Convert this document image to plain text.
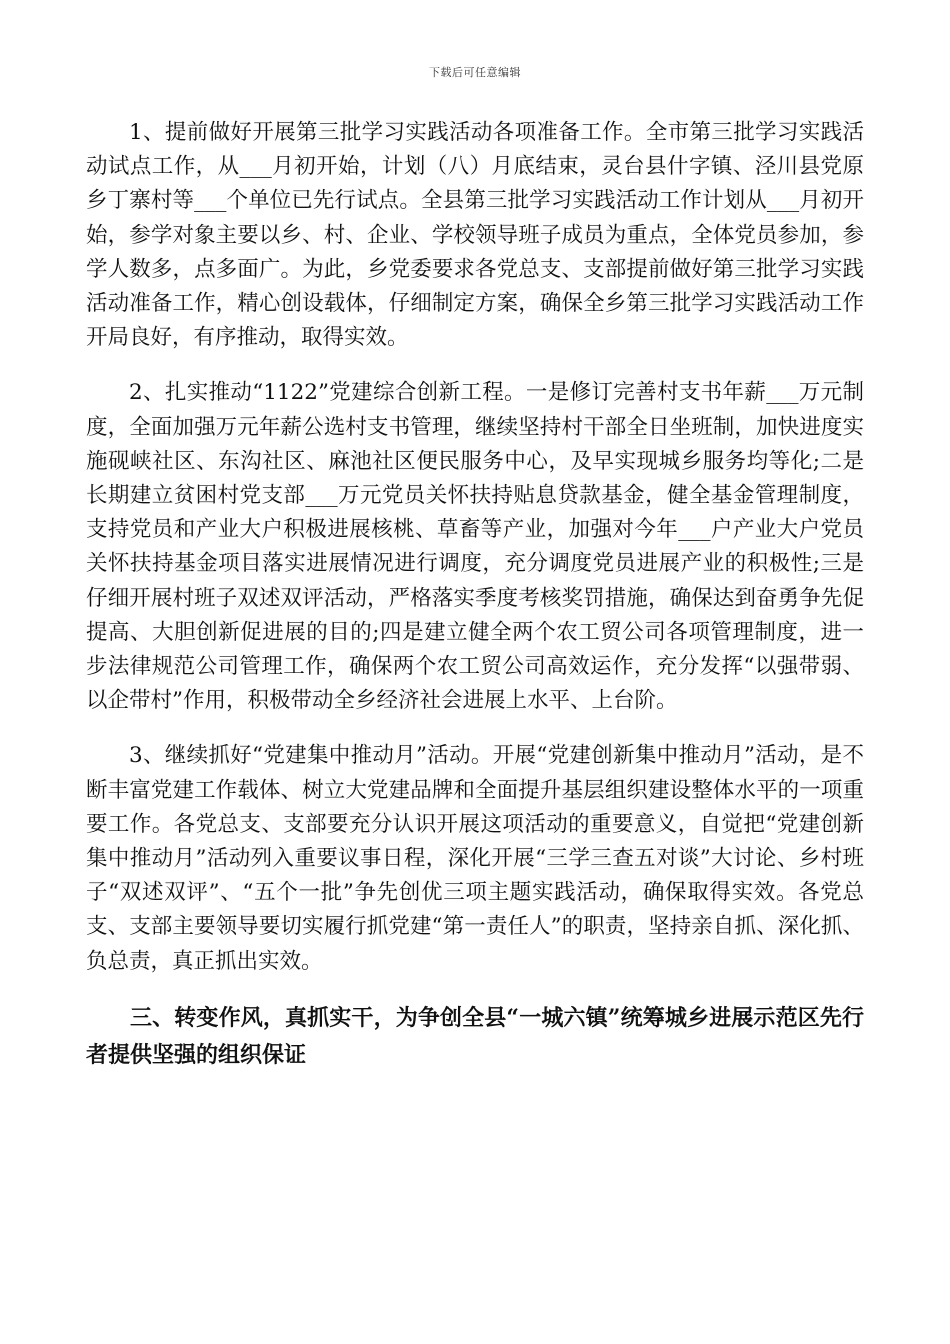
下载后可任意编辑

1、提前做好开展第三批学习实践活动各项准备工作。全市第三批学习实践活动试点工作，从___月初开始，计划（八）月底结束，灵台县什字镇、泾川县党原乡丁寨村等___个单位已先行试点。全县第三批学习实践活动工作计划从___月初开始，参学对象主要以乡、村、企业、学校领导班子成员为重点，全体党员参加，参学人数多，点多面广。为此，乡党委要求各党总支、支部提前做好第三批学习实践活动准备工作，精心创设载体，仔细制定方案，确保全乡第三批学习实践活动工作开局良好，有序推动，取得实效。

2、扎实推动“1122”党建综合创新工程。一是修订完善村支书年薪___万元制度，全面加强万元年薪公选村支书管理，继续坚持村干部全日坐班制，加快进度实施砚峡社区、东沟社区、麻池社区便民服务中心，及早实现城乡服务均等化;二是长期建立贫困村党支部___万元党员关怀扶持贴息贷款基金，健全基金管理制度，支持党员和产业大户积极进展核桃、草畜等产业，加强对今年___户产业大户党员关怀扶持基金项目落实进展情况进行调度，充分调度党员进展产业的积极性;三是仔细开展村班子双述双评活动，严格落实季度考核奖罚措施，确保达到奋勇争先促提高、大胆创新促进展的目的;四是建立健全两个农工贸公司各项管理制度，进一步法律规范公司管理工作，确保两个农工贸公司高效运作，充分发挥“以强带弱、以企带村”作用，积极带动全乡经济社会进展上水平、上台阶。

3、继续抓好“党建集中推动月”活动。开展“党建创新集中推动月”活动，是不断丰富党建工作载体、树立大党建品牌和全面提升基层组织建设整体水平的一项重要工作。各党总支、支部要充分认识开展这项活动的重要意义，自觉把“党建创新集中推动月”活动列入重要议事日程，深化开展“三学三查五对谈”大讨论、乡村班子“双述双评”、“五个一批”争先创优三项主题实践活动，确保取得实效。各党总支、支部主要领导要切实履行抓党建“第一责任人”的职责，坚持亲自抓、深化抓、负总责，真正抓出实效。

三、转变作风，真抓实干，为争创全县“一城六镇”统筹城乡进展示范区先行者提供坚强的组织保证
